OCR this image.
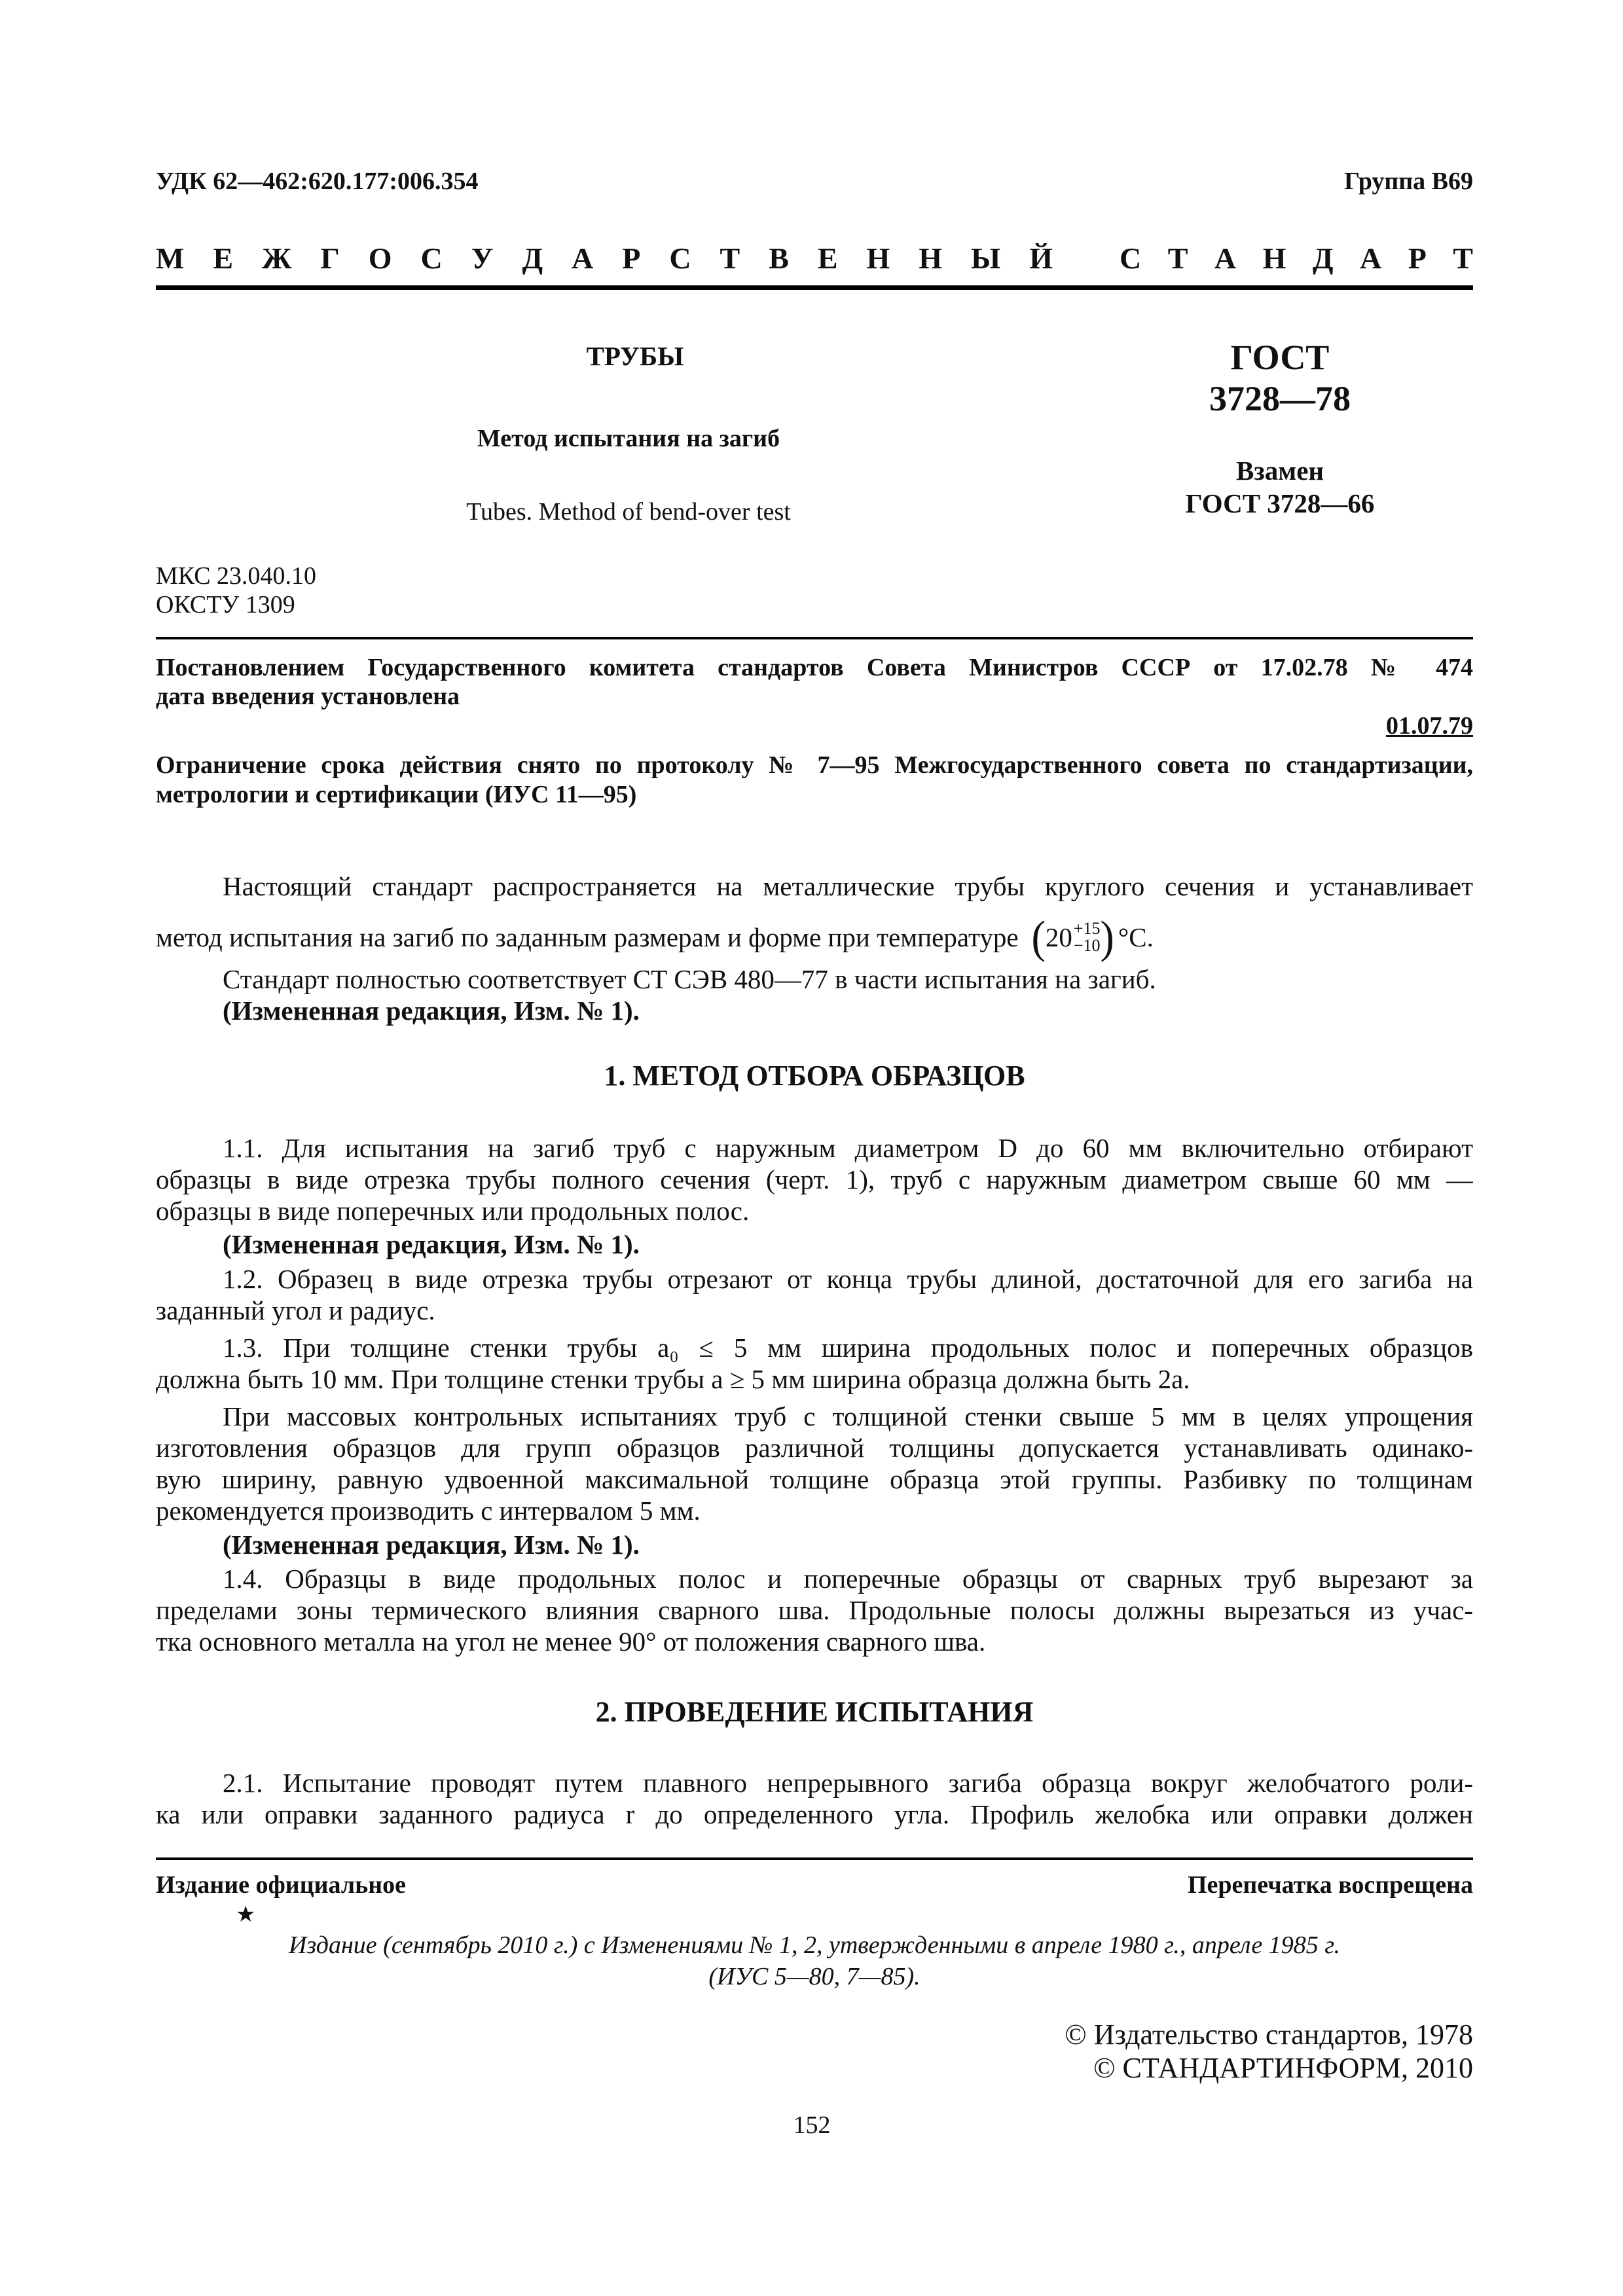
УДК 62—462:620.177:006.354	Группа В69
М Е Ж Г О С У Д А Р С Т В Е Н Н Ы Й С Т А Н Д А Р Т
ТРУБЫ
Метод испытания на загиб
Tubes. Method of bend-over test
ГОСТ
3728—78
Взамен
ГОСТ 3728—66
МКС 23.040.10
ОКСТУ 1309
Постановлением Государственного комитета стандартов Совета Министров СССР от 17.02.78 № 474
дата введения установлена
01.07.79
Ограничение срока действия снято по протоколу № 7—95 Межгосударственного совета по стандартизации,
метрологии и сертификации (ИУС 11—95)
Настоящий стандарт распространяется на металлические трубы круглого сечения и устанавливает
метод испытания на загиб по заданным размерам и форме при температуре ( 20 +15
−10 ) °С.
Стандарт полностью соответствует СТ СЭВ 480—77 в части испытания на загиб.
(Измененная редакция, Изм. № 1).
1. МЕТОД ОТБОРА ОБРАЗЦОВ
1.1. Для испытания на загиб труб с наружным диаметром D до 60 мм включительно отбирают
образцы в виде отрезка трубы полного сечения (черт. 1), труб с наружным диаметром свыше 60 мм —
образцы в виде поперечных или продольных полос.
(Измененная редакция, Изм. № 1).
1.2. Образец в виде отрезка трубы отрезают от конца трубы длиной, достаточной для его загиба на
заданный угол и радиус.
1.3. При толщине стенки трубы a₀ ≤ 5 мм ширина продольных полос и поперечных образцов
должна быть 10 мм. При толщине стенки трубы a ≥ 5 мм ширина образца должна быть 2a.
При массовых контрольных испытаниях труб с толщиной стенки свыше 5 мм в целях упрощения
изготовления образцов для групп образцов различной толщины допускается устанавливать одинако-
вую ширину, равную удвоенной максимальной толщине образца этой группы. Разбивку по толщинам
рекомендуется производить с интервалом 5 мм.
(Измененная редакция, Изм. № 1).
1.4. Образцы в виде продольных полос и поперечные образцы от сварных труб вырезают за
пределами зоны термического влияния сварного шва. Продольные полосы должны вырезаться из учас-
тка основного металла на угол не менее 90° от положения сварного шва.
2. ПРОВЕДЕНИЕ ИСПЫТАНИЯ
2.1. Испытание проводят путем плавного непрерывного загиба образца вокруг желобчатого роли-
ка или оправки заданного радиуса r до определенного угла. Профиль желобка или оправки должен
Издание официальное	Перепечатка воспрещена
★
Издание (сентябрь 2010 г.) с Изменениями № 1, 2, утвержденными в апреле 1980 г., апреле 1985 г.
(ИУС 5—80, 7—85).
© Издательство стандартов, 1978
© СТАНДАРТИНФОРМ, 2010
152
